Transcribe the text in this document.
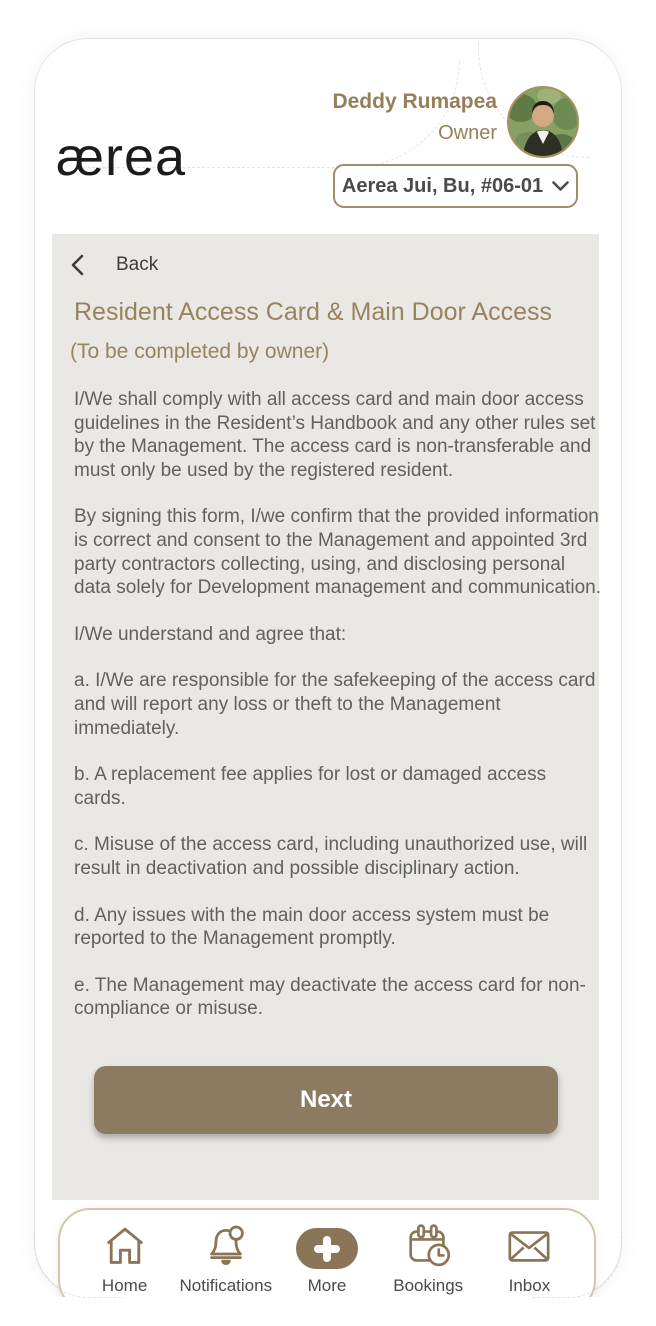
ærea
Deddy Rumapea
Owner
Aerea Jui, Bu, #06-01
Back
Resident Access Card & Main Door Access
(To be completed by owner)

I/We shall comply with all access card and main door access guidelines in the Resident’s Handbook and any other rules set by the Management. The access card is non-transferable and must only be used by the registered resident.

By signing this form, I/we confirm that the provided information is correct and consent to the Management and appointed 3rd party contractors collecting, using, and disclosing personal data solely for Development management and communication.

I/We understand and agree that:

a. I/We are responsible for the safekeeping of the access card and will report any loss or theft to the Management immediately.

b. A replacement fee applies for lost or damaged access cards.

c. Misuse of the access card, including unauthorized use, will result in deactivation and possible disciplinary action.

d. Any issues with the main door access system must be reported to the Management promptly.

e. The Management may deactivate the access card for non-compliance or misuse.

Next
Home Notifications More	Bookings	Inbox
